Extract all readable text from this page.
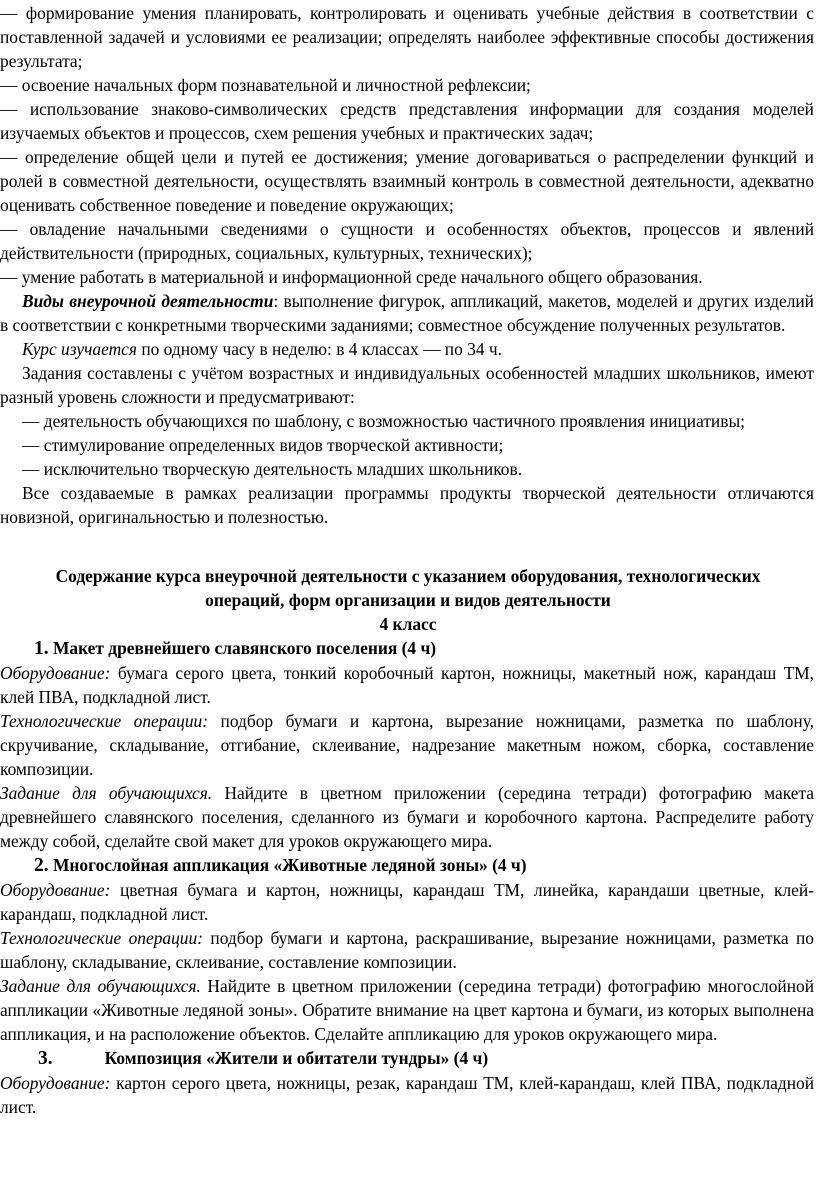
— формирование умения планировать, контролировать и оценивать учебные действия в соответствии с поставленной задачей и условиями ее реализации; определять наиболее эффективные способы достижения результата;

— освоение начальных форм познавательной и личностной рефлексии;

— использование знаково-символических средств представления информации для создания моделей изучаемых объектов и процессов, схем решения учебных и практических задач;

— определение общей цели и путей ее достижения; умение договариваться о распределении функций и ролей в совместной деятельности, осуществлять взаимный контроль в совместной деятельности, адекватно оценивать собственное поведение и поведение окружающих;

— овладение начальными сведениями о сущности и особенностях объектов, процессов и явлений действительности (природных, социальных, культурных, технических);

— умение работать в материальной и информационной среде начального общего образования.

Виды внеурочной деятельности: выполнение фигурок, аппликаций, макетов, моделей и других изделий в соответствии с конкретными творческими заданиями; совместное обсуждение полученных результатов.

Курс изучается по одному часу в неделю: в 4 классах — по 34 ч.

Задания составлены с учётом возрастных и индивидуальных особенностей младших школьников, имеют разный уровень сложности и предусматривают:

— деятельность обучающихся по шаблону, с возможностью частичного проявления инициативы;

— стимулирование определенных видов творческой активности;

— исключительно творческую деятельность младших школьников.

Все создаваемые в рамках реализации программы продукты творческой деятельности отличаются новизной, оригинальностью и полезностью.

Содержание курса внеурочной деятельности с указанием оборудования, технологических

операций, форм организации и видов деятельности

4 класс

1. Макет древнейшего славянского поселения (4 ч)

Оборудование: бумага серого цвета, тонкий коробочный картон, ножницы, макетный нож, карандаш ТМ, клей ПВА, подкладной лист.

Технологические операции: подбор бумаги и картона, вырезание ножницами, разметка по шаблону, скручивание, складывание, отгибание, склеивание, надрезание макетным ножом, сборка, составление композиции.

Задание для обучающихся. Найдите в цветном приложении (середина тетради) фотографию макета древнейшего славянского поселения, сделанного из бумаги и коробочного картона. Распределите работу между собой, сделайте свой макет для уроков окружающего мира.

2. Многослойная аппликация «Животные ледяной зоны» (4 ч)

Оборудование: цветная бумага и картон, ножницы, карандаш ТМ, линейка, карандаши цветные, клей-карандаш, подкладной лист.

Технологические операции: подбор бумаги и картона, раскрашивание, вырезание ножницами, разметка по шаблону, складывание, склеивание, составление композиции.

Задание для обучающихся. Найдите в цветном приложении (середина тетради) фотографию многослойной аппликации «Животные ледяной зоны». Обратите внимание на цвет картона и бумаги, из которых выполнена аппликация, и на расположение объектов. Сделайте аппликацию для уроков окружающего мира.

3.	Композиция «Жители и обитатели тундры» (4 ч)

Оборудование: картон серого цвета, ножницы, резак, карандаш ТМ, клей-карандаш, клей ПВА, подкладной лист.
